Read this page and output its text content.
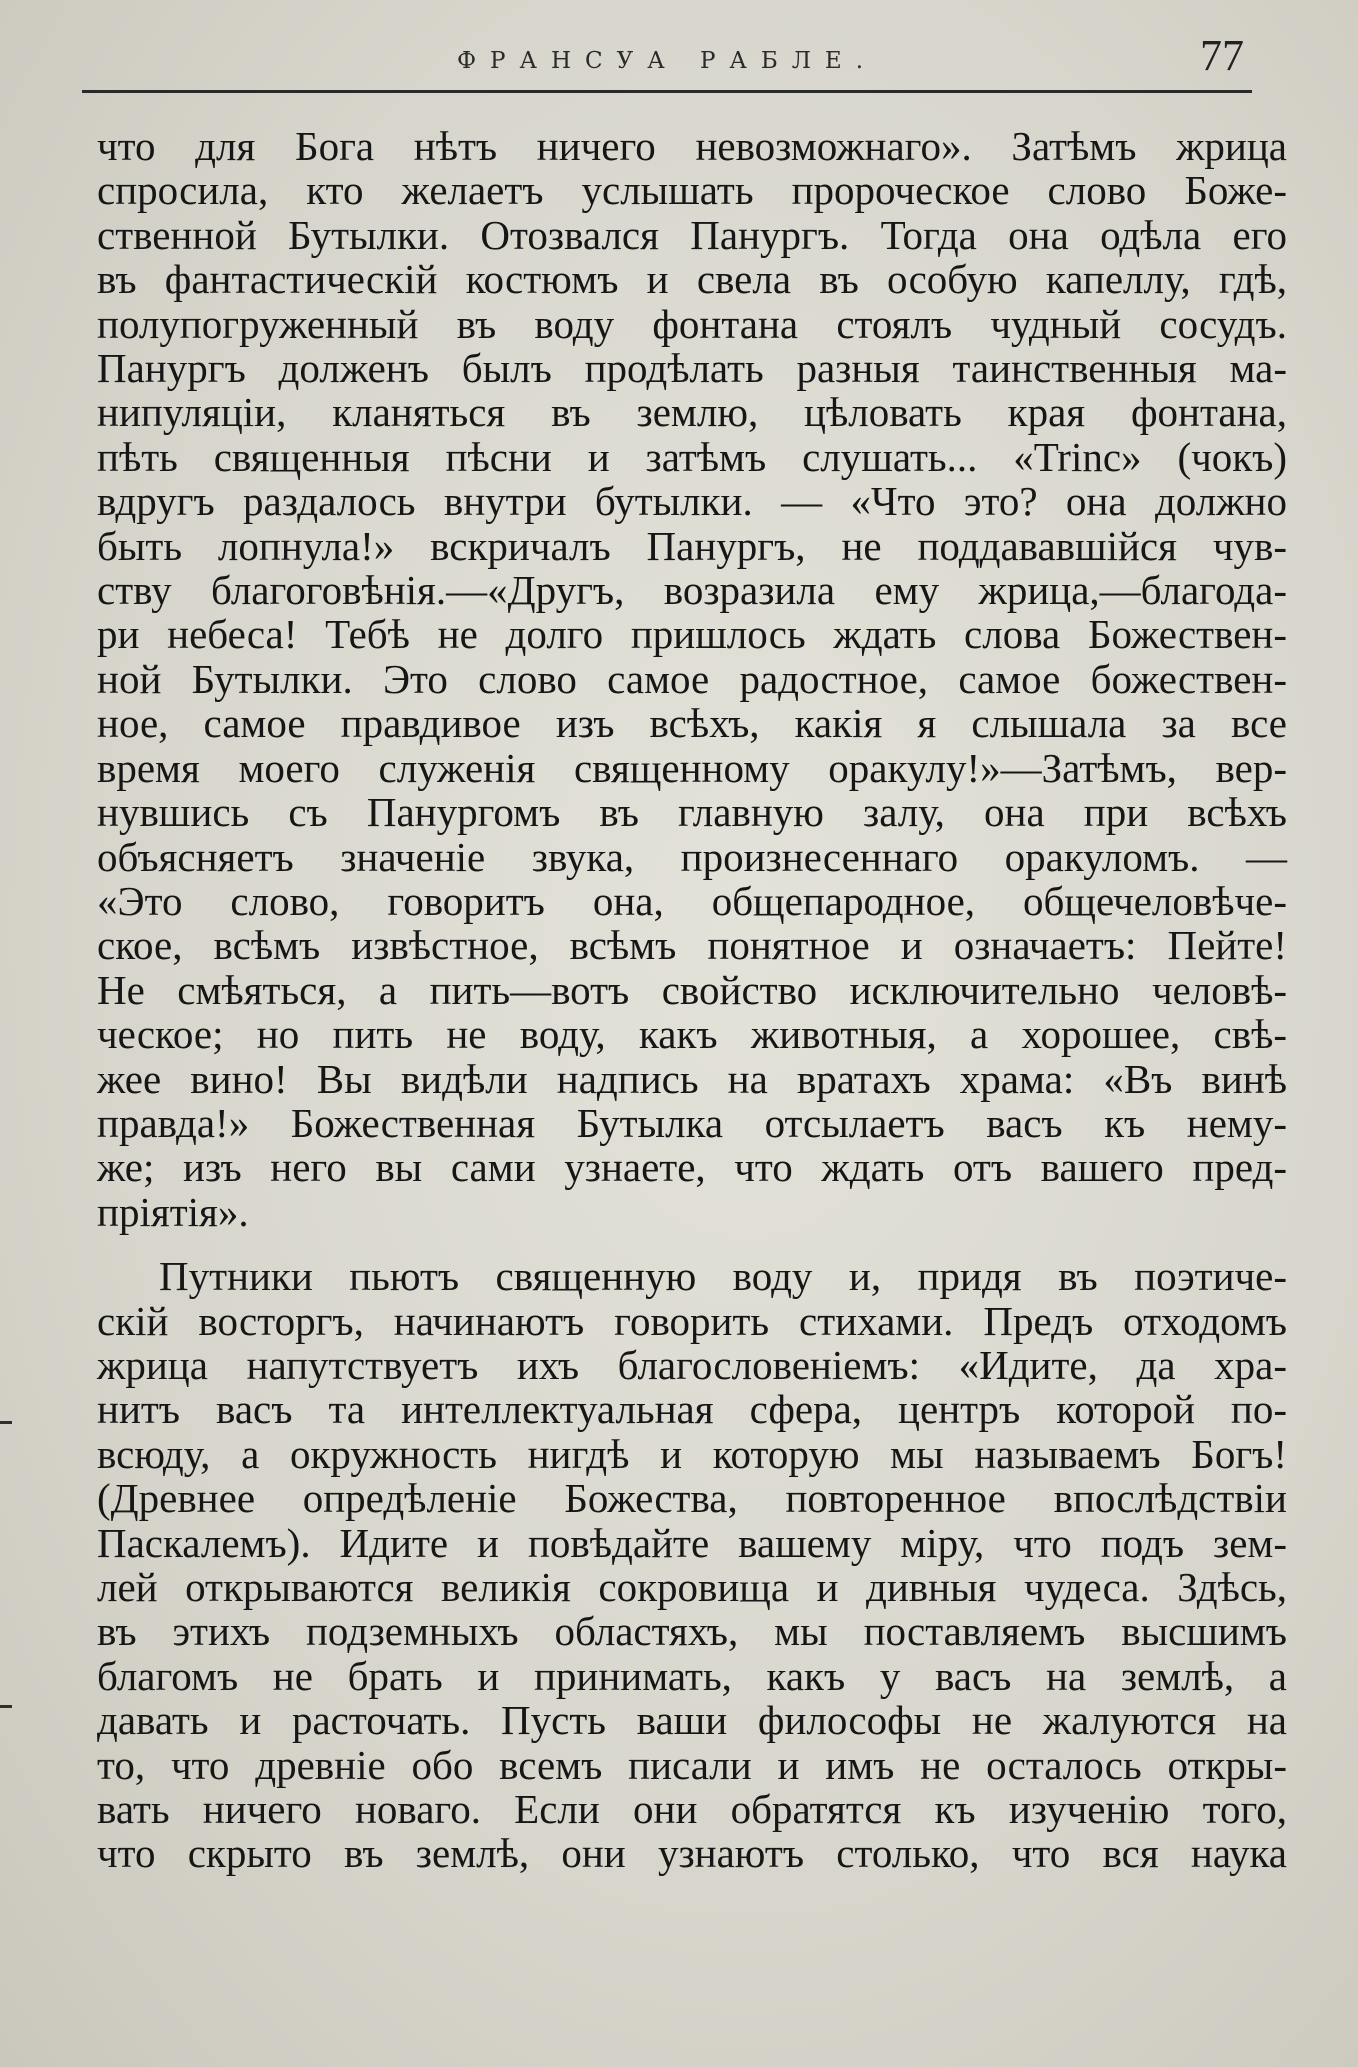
ФРАНСУА РАБЛЕ.	77
что для Бога нѣтъ ничего невозможнаго». Затѣмъ жрица
спросила, кто желаетъ услышать пророческое слово Боже-
ственной Бутылки. Отозвался Панургъ. Тогда она одѣла его
въ фантастическій костюмъ и свела въ особую капеллу, гдѣ,
полупогруженный въ воду фонтана стоялъ чудный сосудъ.
Панургъ долженъ былъ продѣлать разныя таинственныя ма-
нипуляціи, кланяться въ землю, цѣловать края фонтана,
пѣть священныя пѣсни и затѣмъ слушать... «Trinc» (чокъ)
вдругъ раздалось внутри бутылки. — «Что это? она должно
быть лопнула!» вскричалъ Панургъ, не поддававшійся чув-
ству благоговѣнія.—«Другъ, возразила ему жрица,—благода-
ри небеса! Тебѣ не долго пришлось ждать слова Божествен-
ной Бутылки. Это слово самое радостное, самое божествен-
ное, самое правдивое изъ всѣхъ, какія я слышала за все
время моего служенія священному оракулу!»—Затѣмъ, вер-
нувшись съ Панургомъ въ главную залу, она при всѣхъ
объясняетъ значеніе звука, произнесеннаго оракуломъ. —
«Это слово, говоритъ она, общепародное, общечеловѣче-
ское, всѣмъ извѣстное, всѣмъ понятное и означаетъ: Пейте!
Не смѣяться, а пить—вотъ свойство исключительно человѣ-
ческое; но пить не воду, какъ животныя, а хорошее, свѣ-
жее вино! Вы видѣли надпись на вратахъ храма: «Въ винѣ
правда!» Божественная Бутылка отсылаетъ васъ къ нему-
же; изъ него вы сами узнаете, что ждать отъ вашего пред-
пріятія».
Путники пьютъ священную воду и, придя въ поэтиче-
скій восторгъ, начинаютъ говорить стихами. Предъ отходомъ
жрица напутствуетъ ихъ благословеніемъ: «Идите, да хра-
нитъ васъ та интеллектуальная сфера, центръ которой по-
всюду, а окружность нигдѣ и которую мы называемъ Богъ!
(Древнее опредѣленіе Божества, повторенное впослѣдствіи
Паскалемъ). Идите и повѣдайте вашему міру, что подъ зем-
лей открываются великія сокровища и дивныя чудеса. Здѣсь,
въ этихъ подземныхъ областяхъ, мы поставляемъ высшимъ
благомъ не брать и принимать, какъ у васъ на землѣ, а
давать и расточать. Пусть ваши философы не жалуются на
то, что древніе обо всемъ писали и имъ не осталось откры-
вать ничего новаго. Если они обратятся къ изученію того,
что скрыто въ землѣ, они узнаютъ столько, что вся наука
